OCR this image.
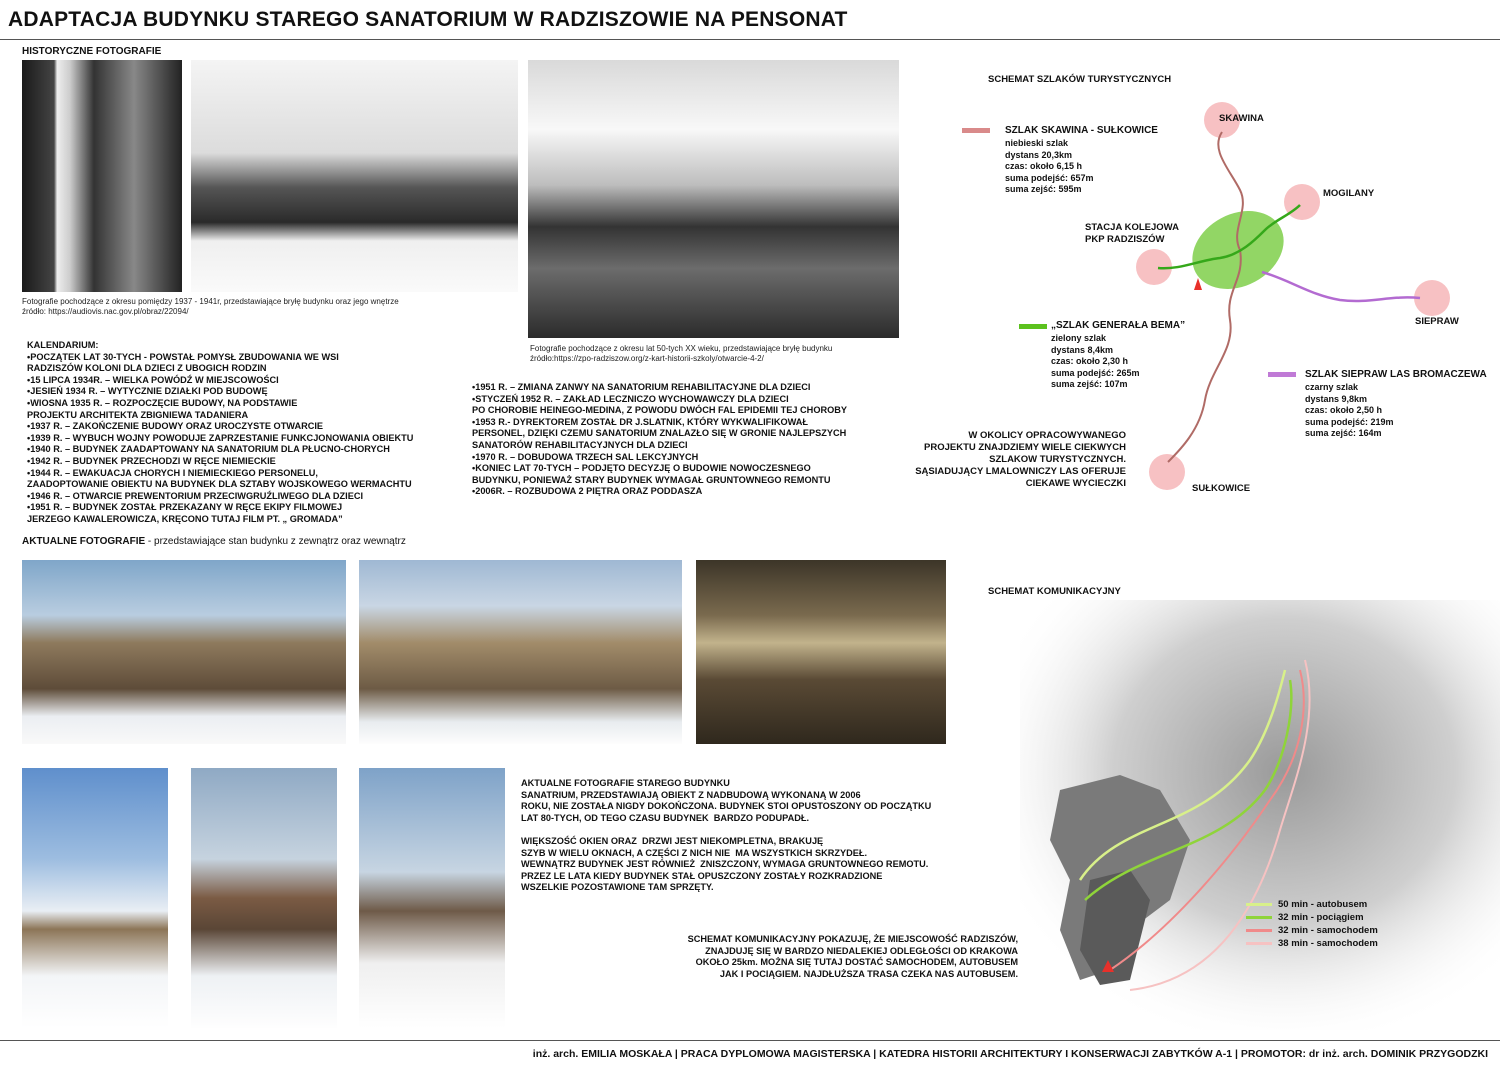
ADAPTACJA BUDYNKU STAREGO SANATORIUM W RADZISZOWIE NA PENSONAT
HISTORYCZNE FOTOGRAFIE
Fotografie pochodzące z okresu pomiędzy 1937 - 1941r, przedstawiające bryłę budynku oraz jego wnętrze
źródło: https://audiovis.nac.gov.pl/obraz/22094/
Fotografie pochodzące z okresu lat 50-tych XX wieku, przedstawiające bryłę budynku
źródło:https://zpo-radziszow.org/z-kart-historii-szkoly/otwarcie-4-2/
KALENDARIUM:
•POCZĄTEK LAT 30-TYCH - POWSTAŁ POMYSŁ ZBUDOWANIA WE WSI
RADZISZÓW KOLONI DLA DZIECI Z UBOGICH RODZIN
•15 LIPCA 1934R. – WIELKA POWÓDŹ W MIEJSCOWOŚCI
•JESIEŃ 1934 R. – WYTYCZNIE DZIAŁKI POD BUDOWĘ
•WIOSNA 1935 R. – ROZPOCZĘCIE BUDOWY, NA PODSTAWIE
PROJEKTU ARCHITEKTA ZBIGNIEWA TADANIERA
•1937 R. – ZAKOŃCZENIE BUDOWY ORAZ UROCZYSTE OTWARCIE
•1939 R. – WYBUCH WOJNY POWODUJE ZAPRZESTANIE FUNKCJONOWANIA OBIEKTU
•1940 R. – BUDYNEK ZAADAPTOWANY NA SANATORIUM DLA PŁUCNO-CHORYCH
•1942 R. – BUDYNEK PRZECHODZI W RĘCE NIEMIECKIE
•1944 R. – EWAKUACJA CHORYCH I NIEMIECKIEGO PERSONELU,
ZAADOPTOWANIE OBIEKTU NA BUDYNEK DLA SZTABY WOJSKOWEGO WERMACHTU
•1946 R. – OTWARCIE PREWENTORIUM PRZECIWGRUŹLIWEGO DLA DZIECI
•1951 R. – BUDYNEK ZOSTAŁ PRZEKAZANY W RĘCE EKIPY FILMOWEJ
JERZEGO KAWALEROWICZA, KRĘCONO TUTAJ FILM PT. „ GROMADA”
•1951 R. – ZMIANA ZANWY NA SANATORIUM REHABILITACYJNE DLA DZIECI
•STYCZEŃ 1952 R. – ZAKŁAD LECZNICZO WYCHOWAWCZY DLA DZIECI
PO CHOROBIE HEINEGO-MEDINA, Z POWODU DWÓCH FAL EPIDEMII TEJ CHOROBY
•1953 R.- DYREKTOREM ZOSTAŁ DR J.SLATNIK, KTÓRY WYKWALIFIKOWAŁ
PERSONEL, DZIĘKI CZEMU SANATORIUM ZNALAZŁO SIĘ W GRONIE NAJLEPSZYCH
SANATORÓW REHABILITACYJNYCH DLA DZIECI
•1970 R. – DOBUDOWA TRZECH SAL LEKCYJNYCH
•KONIEC LAT 70-TYCH – PODJĘTO DECYZJĘ O BUDOWIE NOWOCZESNEGO
BUDYNKU, PONIEWAŻ STARY BUDYNEK WYMAGAŁ GRUNTOWNEGO REMONTU
•2006R. – ROZBUDOWA 2 PIĘTRA ORAZ PODDASZA
AKTUALNE FOTOGRAFIE - przedstawiające stan budynku z zewnątrz oraz wewnątrz
AKTUALNE FOTOGRAFIE STAREGO BUDYNKU
SANATRIUM, PRZEDSTAWIAJĄ OBIEKT Z NADBUDOWĄ WYKONANĄ W 2006
ROKU, NIE ZOSTAŁA NIGDY DOKOŃCZONA. BUDYNEK STOI OPUSTOSZONY OD POCZĄTKU
LAT 80-TYCH, OD TEGO CZASU BUDYNEK  BARDZO PODUPADŁ.

WIĘKSZOŚĆ OKIEN ORAZ  DRZWI JEST NIEKOMPLETNA, BRAKUJĘ
SZYB W WIELU OKNACH, A CZĘŚCI Z NICH NIE  MA WSZYSTKICH SKRZYDEŁ.
WEWNĄTRZ BUDYNEK JEST RÓWNIEŻ  ZNISZCZONY, WYMAGA GRUNTOWNEGO REMOTU.
PRZEZ LE LATA KIEDY BUDYNEK STAŁ OPUSZCZONY ZOSTAŁY ROZKRADZIONE
WSZELKIE POZOSTAWIONE TAM SPRZĘTY.
SCHEMAT SZLAKÓW TURYSTYCZNYCH
SZLAK SKAWINA - SUŁKOWICE
niebieski szlak
dystans 20,3km
czas: około 6,15 h
suma podejść: 657m
suma zejść: 595m
„SZLAK GENERAŁA BEMA”
zielony szlak
dystans 8,4km
czas: około 2,30 h
suma podejść: 265m
suma zejść: 107m
SZLAK SIEPRAW LAS BROMACZEWA
czarny szlak
dystans 9,8km
czas: około 2,50 h
suma podejść: 219m
suma zejść: 164m
SKAWINA
MOGILANY
STACJA KOLEJOWA
PKP RADZISZÓW
SIEPRAW
SUŁKOWICE
W OKOLICY OPRACOWYWANEGO
PROJEKTU ZNAJDZIEMY WIELE CIEKWYCH
SZLAKOW TURYSTYCZNYCH.
SĄSIADUJĄCY LMALOWNICZY LAS OFERUJE
CIEKAWE WYCIECZKI
SCHEMAT KOMUNIKACYJNY
50 min - autobusem
32 min - pociągiem
32 min - samochodem
38 min - samochodem
SCHEMAT KOMUNIKACYJNY POKAZUJĘ, ŻE MIEJSCOWOŚĆ RADZISZÓW,
ZNAJDUJĘ SIĘ W BARDZO NIEDALEKIEJ ODLEGŁOŚCI OD KRAKOWA
OKOŁO 25km. MOŻNA SIĘ TUTAJ DOSTAĆ SAMOCHODEM, AUTOBUSEM
JAK I POCIĄGIEM. NAJDŁUŻSZA TRASA CZEKA NAS AUTOBUSEM.
inż. arch. EMILIA MOSKAŁA | PRACA DYPLOMOWA MAGISTERSKA | KATEDRA HISTORII ARCHITEKTURY I KONSERWACJI ZABYTKÓW A-1 | PROMOTOR: dr inż. arch. DOMINIK PRZYGODZKI
